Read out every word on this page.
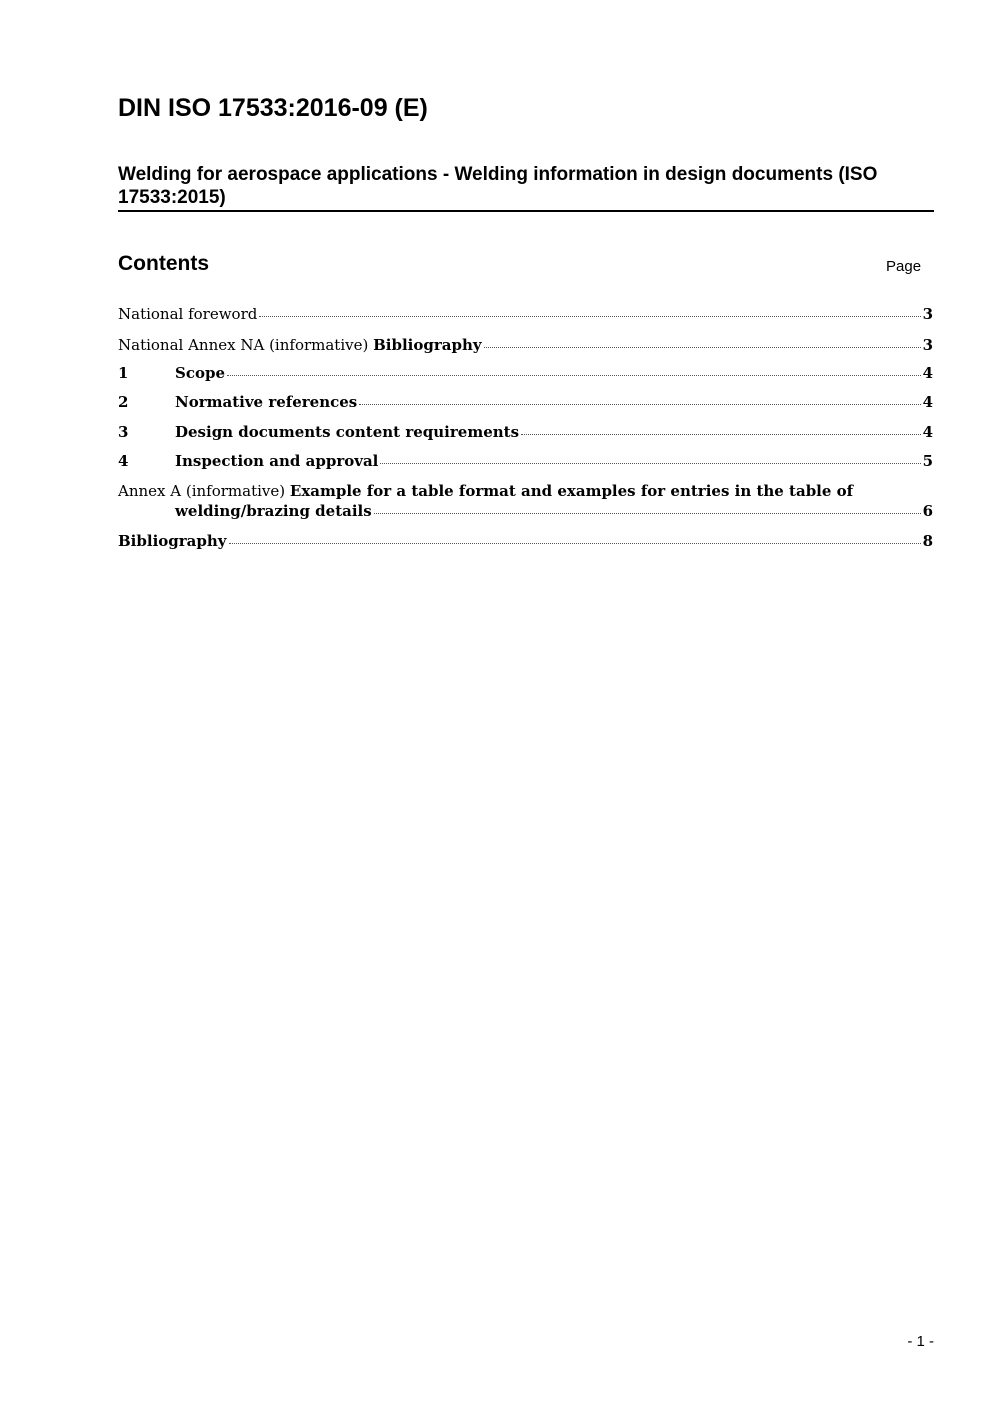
DIN ISO 17533:2016-09 (E)
Welding for aerospace applications - Welding information in design documents (ISO 17533:2015)
Contents	Page
National foreword	3
National Annex NA (informative) Bibliography	3
1	Scope	4
2	Normative references	4
3	Design documents content requirements	4
4	Inspection and approval	5
Annex A (informative) Example for a table format and examples for entries in the table of
welding/brazing details	6
Bibliography	8
- 1 -
